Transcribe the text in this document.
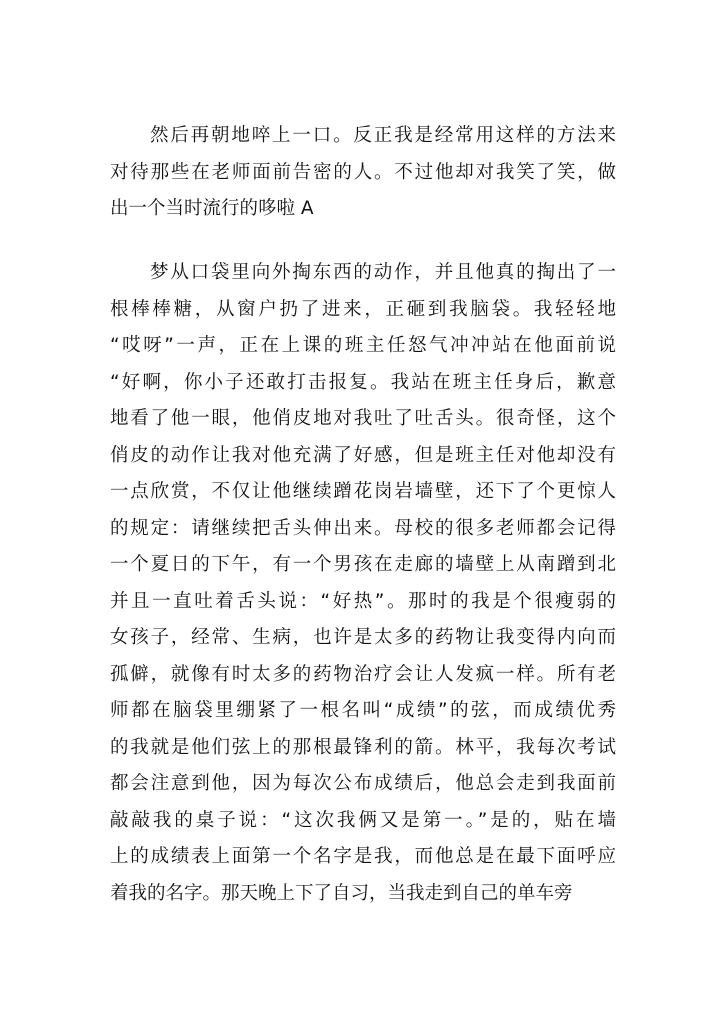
然后再朝地啐上一口。反正我是经常用这样的方法来
对待那些在老师面前告密的人。不过他却对我笑了笑，做
出一个当时流行的哆啦 A
梦从口袋里向外掏东西的动作，并且他真的掏出了一
根棒棒糖，从窗户扔了进来，正砸到我脑袋。我轻轻地
“哎呀”一声，正在上课的班主任怒气冲冲站在他面前说
“好啊，你小子还敢打击报复。我站在班主任身后，歉意
地看了他一眼，他俏皮地对我吐了吐舌头。很奇怪，这个
俏皮的动作让我对他充满了好感，但是班主任对他却没有
一点欣赏，不仅让他继续蹭花岗岩墙壁，还下了个更惊人
的规定：请继续把舌头伸出来。母校的很多老师都会记得
一个夏日的下午，有一个男孩在走廊的墙壁上从南蹭到北
并且一直吐着舌头说：“好热”。那时的我是个很瘦弱的
女孩子，经常、生病，也许是太多的药物让我变得内向而
孤僻，就像有时太多的药物治疗会让人发疯一样。所有老
师都在脑袋里绷紧了一根名叫“成绩”的弦，而成绩优秀
的我就是他们弦上的那根最锋利的箭。林平，我每次考试
都会注意到他，因为每次公布成绩后，他总会走到我面前
敲敲我的桌子说：“这次我俩又是第一。”是的，贴在墙
上的成绩表上面第一个名字是我，而他总是在最下面呼应
着我的名字。那天晚上下了自习，当我走到自己的单车旁
